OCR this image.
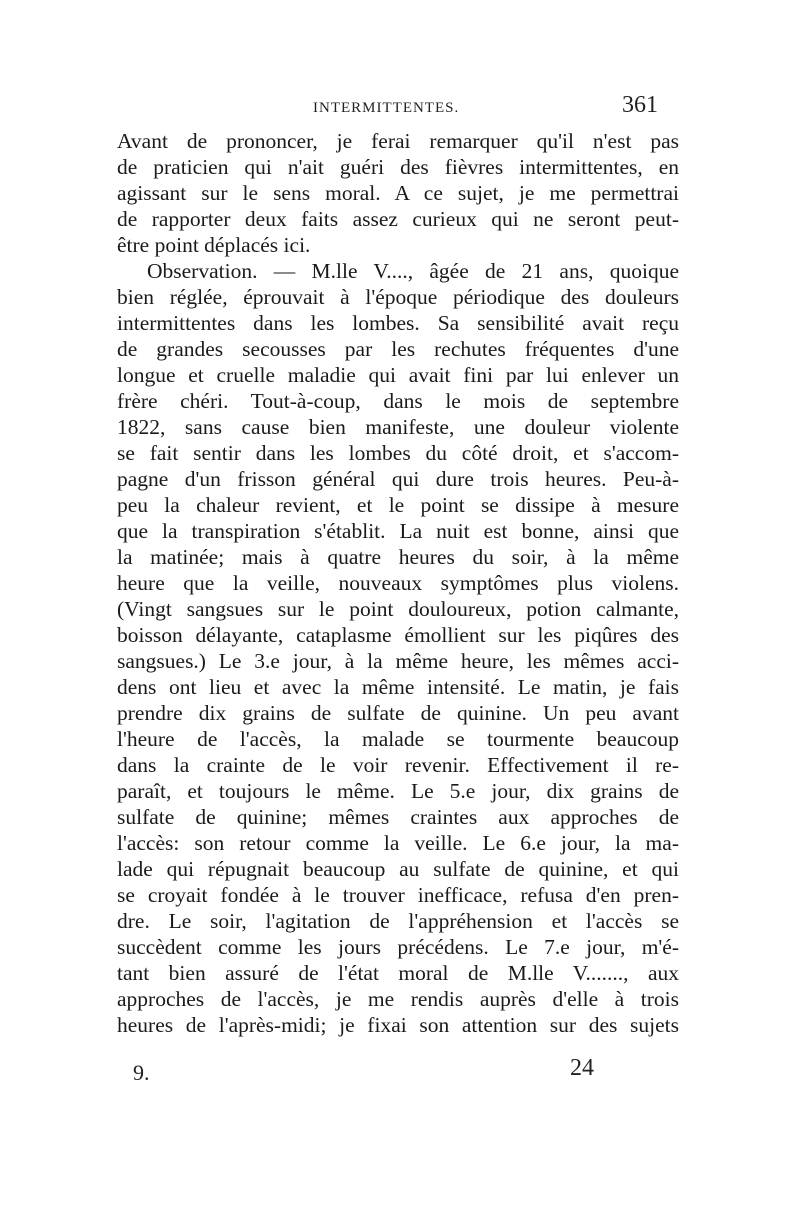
INTERMITTENTES.	361
Avant de prononcer, je ferai remarquer qu'il n'est pas
de praticien qui n'ait guéri des fièvres intermittentes, en
agissant sur le sens moral. A ce sujet, je me permettrai
de rapporter deux faits assez curieux qui ne seront peut-
être point déplacés ici.
Observation. — M.lle V...., âgée de 21 ans, quoique
bien réglée, éprouvait à l'époque périodique des douleurs
intermittentes dans les lombes. Sa sensibilité avait reçu
de grandes secousses par les rechutes fréquentes d'une
longue et cruelle maladie qui avait fini par lui enlever un
frère chéri. Tout-à-coup, dans le mois de septembre
1822, sans cause bien manifeste, une douleur violente
se fait sentir dans les lombes du côté droit, et s'accom-
pagne d'un frisson général qui dure trois heures. Peu-à-
peu la chaleur revient, et le point se dissipe à mesure
que la transpiration s'établit. La nuit est bonne, ainsi que
la matinée; mais à quatre heures du soir, à la même
heure que la veille, nouveaux symptômes plus violens.
(Vingt sangsues sur le point douloureux, potion calmante,
boisson délayante, cataplasme émollient sur les piqûres des
sangsues.) Le 3.e jour, à la même heure, les mêmes acci-
dens ont lieu et avec la même intensité. Le matin, je fais
prendre dix grains de sulfate de quinine. Un peu avant
l'heure de l'accès, la malade se tourmente beaucoup
dans la crainte de le voir revenir. Effectivement il re-
paraît, et toujours le même. Le 5.e jour, dix grains de
sulfate de quinine; mêmes craintes aux approches de
l'accès: son retour comme la veille. Le 6.e jour, la ma-
lade qui répugnait beaucoup au sulfate de quinine, et qui
se croyait fondée à le trouver inefficace, refusa d'en pren-
dre. Le soir, l'agitation de l'appréhension et l'accès se
succèdent comme les jours précédens. Le 7.e jour, m'é-
tant bien assuré de l'état moral de M.lle V......., aux
approches de l'accès, je me rendis auprès d'elle à trois
heures de l'après-midi; je fixai son attention sur des sujets
9.	24
